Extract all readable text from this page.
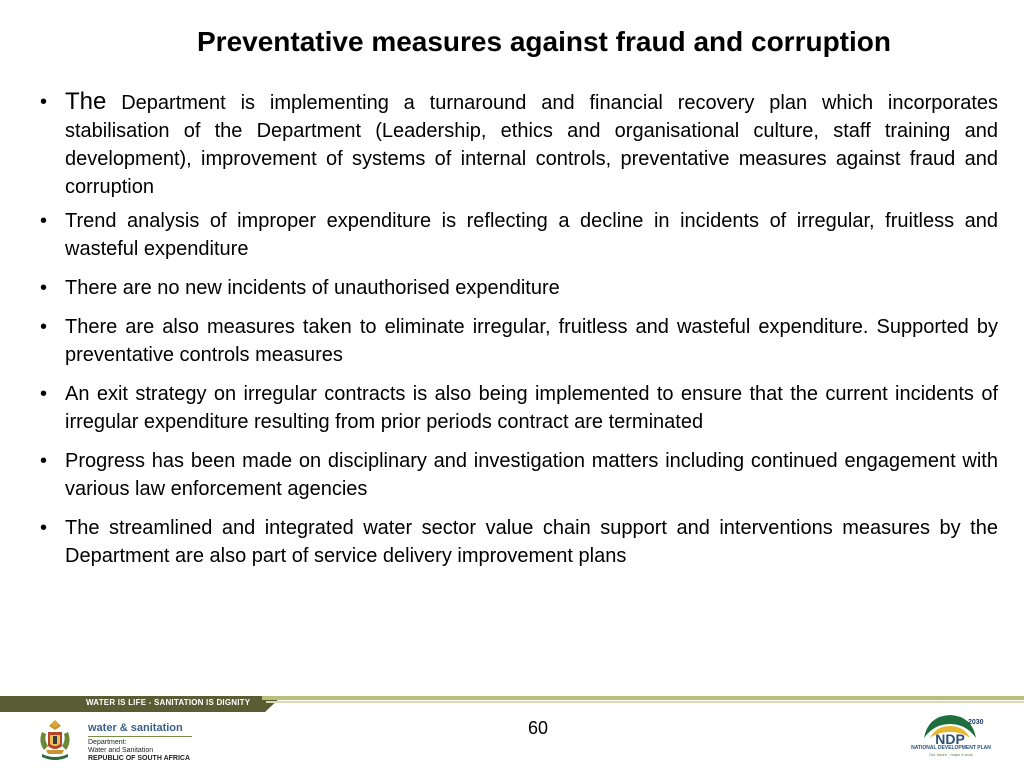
Preventative measures against fraud and corruption
• The Department is implementing a turnaround and financial recovery plan which incorporates stabilisation of the Department (Leadership, ethics and organisational culture, staff training and development), improvement of systems of internal controls, preventative measures against fraud and corruption
• Trend analysis of improper expenditure is reflecting a decline in incidents of irregular, fruitless and wasteful expenditure
• There are no new incidents of unauthorised expenditure
• There are also measures taken to eliminate irregular, fruitless and wasteful expenditure. Supported by preventative controls measures
• An exit strategy on irregular contracts is also being implemented to ensure that the current incidents of irregular expenditure resulting from prior periods contract are terminated
• Progress has been made on disciplinary and investigation matters including continued engagement with various law enforcement agencies
• The streamlined and integrated water sector value chain support and interventions measures by the Department are also part of service delivery improvement plans
WATER IS LIFE - SANITATION IS DIGNITY
60
water & sanitation
Department:
Water and Sanitation
REPUBLIC OF SOUTH AFRICA
2030
NDP
NATIONAL DEVELOPMENT PLAN
Our future - make it work
